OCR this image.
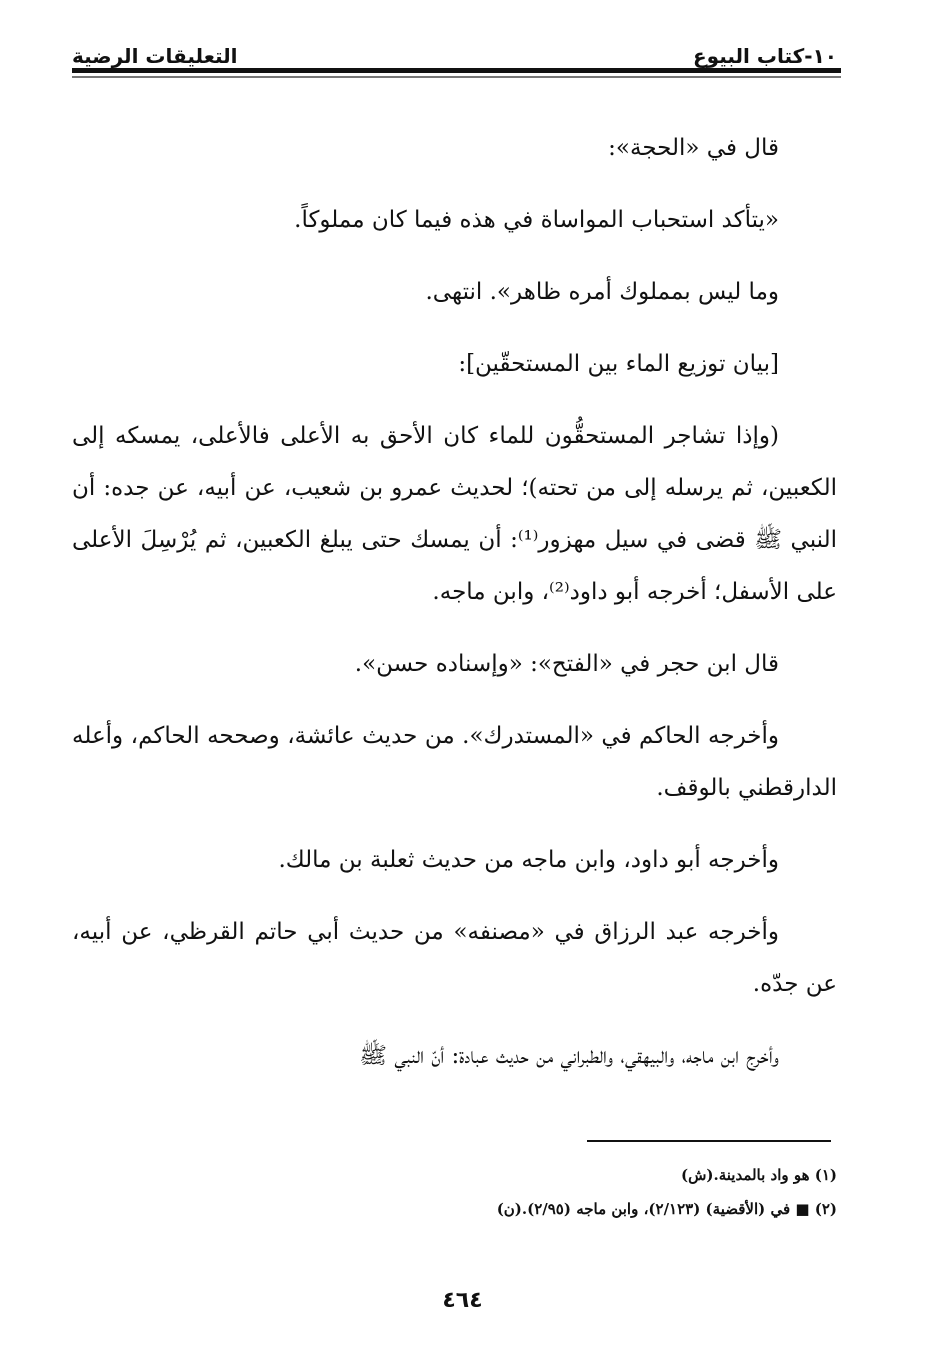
١٠-كتاب البيوع
التعليقات الرضية

قال في «الحجة»:

«يتأكد استحباب المواساة في هذه فيما كان مملوكاً.

وما ليس بمملوك أمره ظاهر». انتهى.

[بيان توزيع الماء بين المستحقّين]:

(وإذا تشاجر المستحقُّون للماء كان الأحق به الأعلى فالأعلى، يمسكه إلى الكعبين، ثم يرسله إلى من تحته)؛ لحديث عمرو بن شعيب، عن أبيه، عن جده: أن النبي ﷺ قضى في سيل مهزور⁽¹⁾: أن يمسك حتى يبلغ الكعبين، ثم يُرْسِلَ الأعلى على الأسفل؛ أخرجه أبو داود⁽²⁾، وابن ماجه.

قال ابن حجر في «الفتح»: «وإسناده حسن».

وأخرجه الحاكم في «المستدرك». من حديث عائشة، وصححه الحاكم، وأعله الدارقطني بالوقف.

وأخرجه أبو داود، وابن ماجه من حديث ثعلبة بن مالك.

وأخرجه عبد الرزاق في «مصنفه» من حديث أبي حاتم القرظي، عن أبيه، عن جدّه.

وأخرج ابن ماجه، والبيهقي، والطبراني من حديث عبادة: أنّ النبي ﷺ

(١) هو واد بالمدينة.(ش)

(٢) ■ في (الأقضية) (٢/١٢٣)، وابن ماجه (٢/٩٥).(ن)

٤٦٤
